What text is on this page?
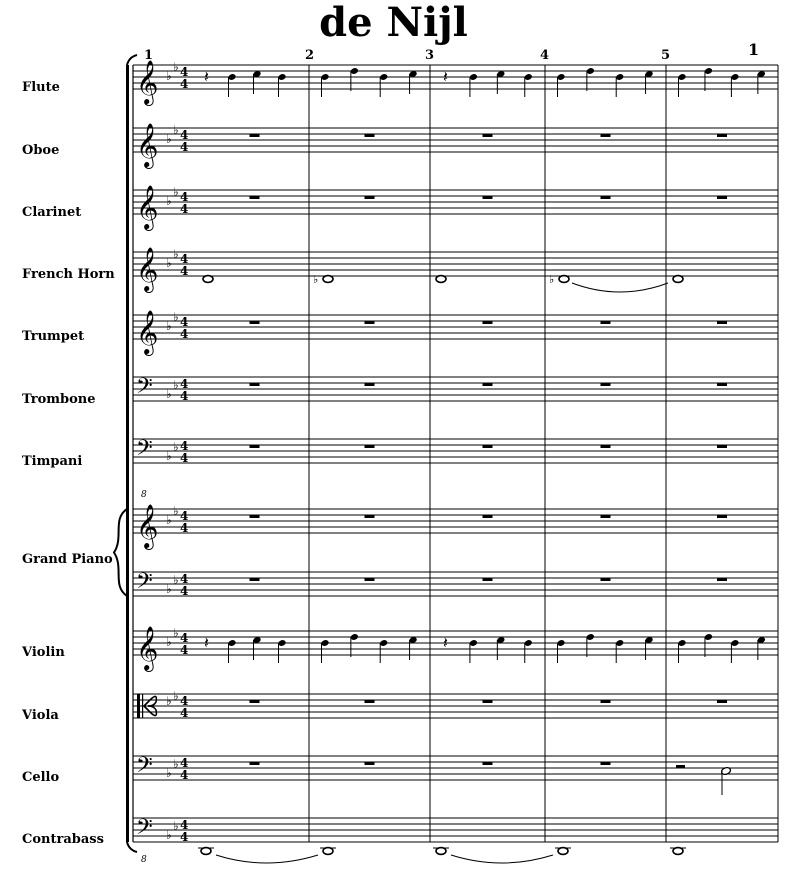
de Nijl
1
1	2	3	4	5
Flute
Oboe
Clarinet
French Horn
Trumpet
Trombone
Timpani
Grand Piano
Violin
Viola
Cello
Contrabass
𝄞 ♭
♭ 4
4 𝄽	𝄽
𝄞 ♭
♭ 4
4
𝄞 ♭
♭ 4
4
𝄞 ♭
♭ 4
4
♭	♭
𝄞 ♭
♭ 4
4
𝄢 ♭
♭ 4
4
𝄢 ♭
♭ 4
4
𝄞 ♭
♭ 4
4
8
𝄢 ♭
♭ 4
4
𝄞 ♭
♭ 4
4 𝄽	𝄽
♭ ♭ 4
4
𝄢 ♭
♭ 4
4
𝄢 ♭
♭ 4
4
8
